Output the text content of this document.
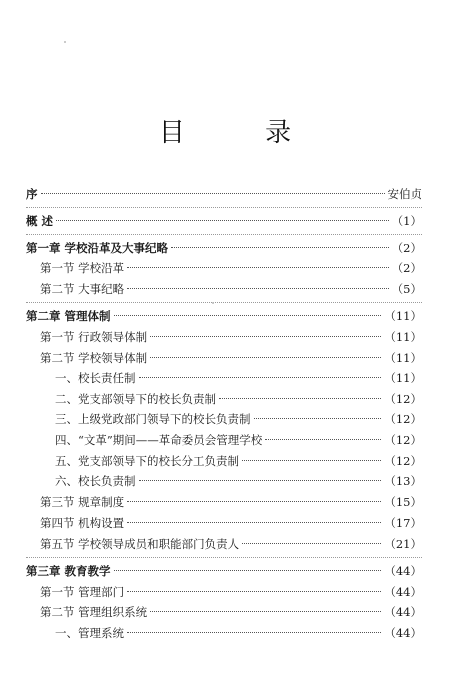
目 录
序	安伯贞
概 述	（1）
第一章 学校沿革及大事纪略	（2）
第一节 学校沿革	（2）
第二节 大事纪略	（5）
第二章 管理体制	（11）
第一节 行政领导体制	（11）
第二节 学校领导体制	（11）
一、校长责任制	（11）
二、党支部领导下的校长负责制	（12）
三、上级党政部门领导下的校长负责制	（12）
四、“文革”期间——革命委员会管理学校	（12）
五、党支部领导下的校长分工负责制	（12）
六、校长负责制	（13）
第三节 规章制度	（15）
第四节 机构设置	（17）
第五节 学校领导成员和职能部门负责人	（21）
第三章 教育教学	（44）
第一节 管理部门	（44）
第二节 管理组织系统	（44）
一、管理系统	（44）
